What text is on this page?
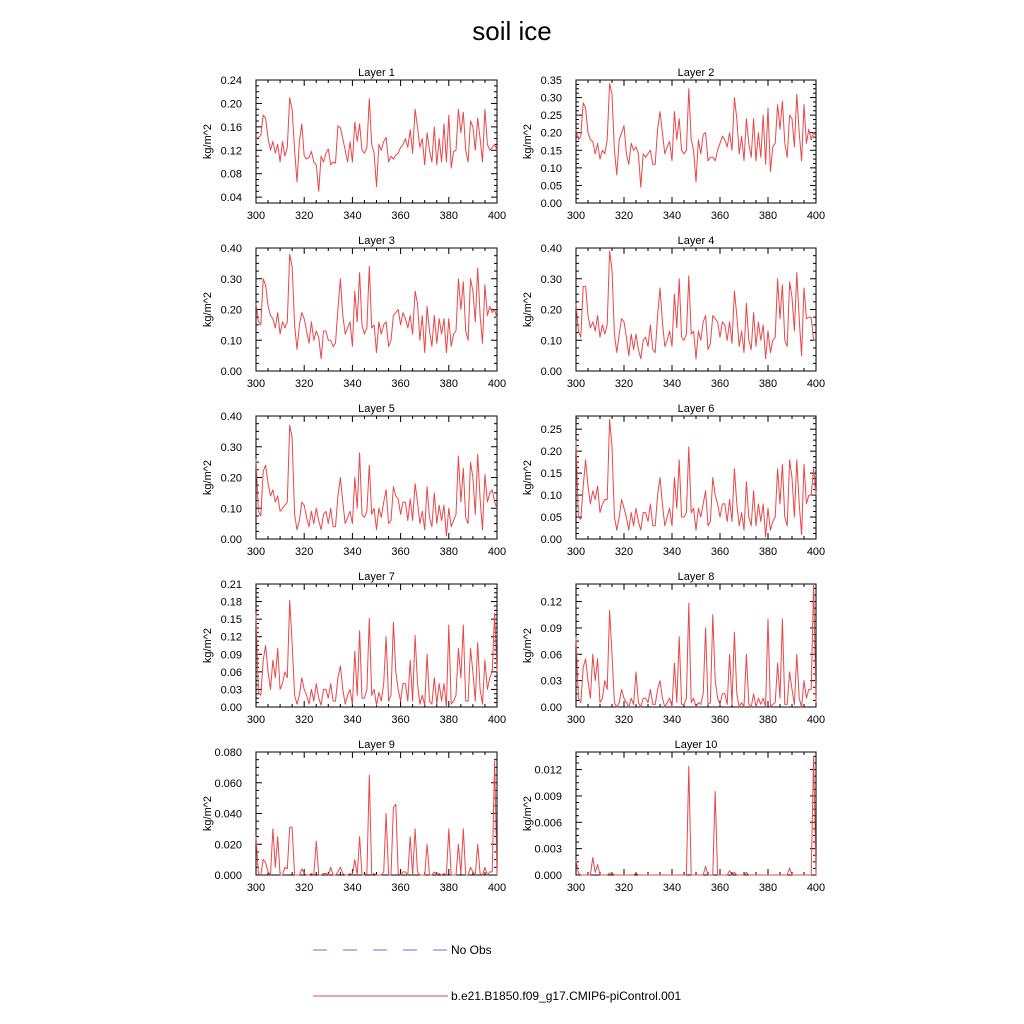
soil ice
Layer 1
kg/m^2
300	320	340	360	380	400
0.04
0.08
0.12
0.16
0.20
0.24
Layer 2
kg/m^2
300	320	340	360	380	400
0.00
0.05
0.10
0.15
0.20
0.25
0.30
0.35
Layer 3
kg/m^2
300	320	340	360	380	400
0.00
0.10
0.20
0.30
0.40
Layer 4
kg/m^2
300	320	340	360	380	400
0.00
0.10
0.20
0.30
0.40
Layer 5
kg/m^2
300	320	340	360	380	400
0.00
0.10
0.20
0.30
0.40
Layer 6
kg/m^2
300	320	340	360	380	400
0.00
0.05
0.10
0.15
0.20
0.25
Layer 7
kg/m^2
300	320	340	360	380	400
0.00
0.03
0.06
0.09
0.12
0.15
0.18
0.21
Layer 8
kg/m^2
300	320	340	360	380	400
0.00
0.03
0.06
0.09
0.12
Layer 9
kg/m^2
300	320	340	360	380	400
0.000
0.020
0.040
0.060
0.080
Layer 10
kg/m^2
300	320	340	360	380	400
0.000
0.003
0.006
0.009
0.012
No Obs
b.e21.B1850.f09_g17.CMIP6-piControl.001
